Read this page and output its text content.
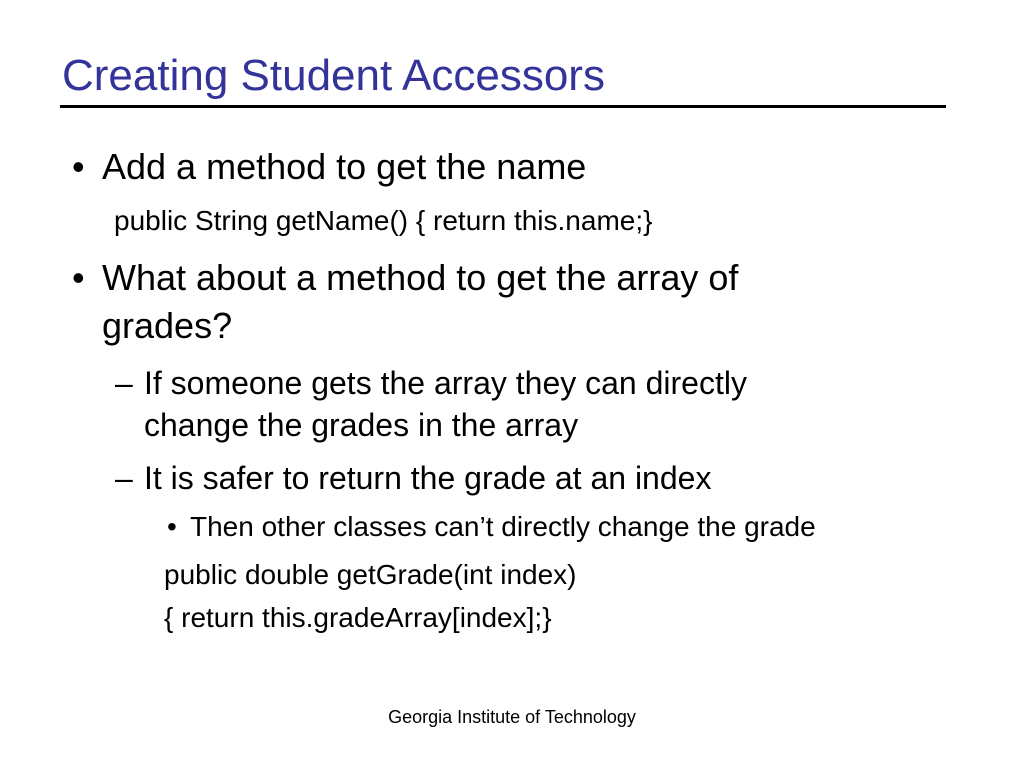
Creating Student Accessors
• Add a method to get the name
public String getName() { return this.name;}
• What about a method to get the array of
grades?
– If someone gets the array they can directly
change the grades in the array
– It is safer to return the grade at an index
• Then other classes can’t directly change the grade
public double getGrade(int index)
{ return this.gradeArray[index];}
Georgia Institute of Technology
